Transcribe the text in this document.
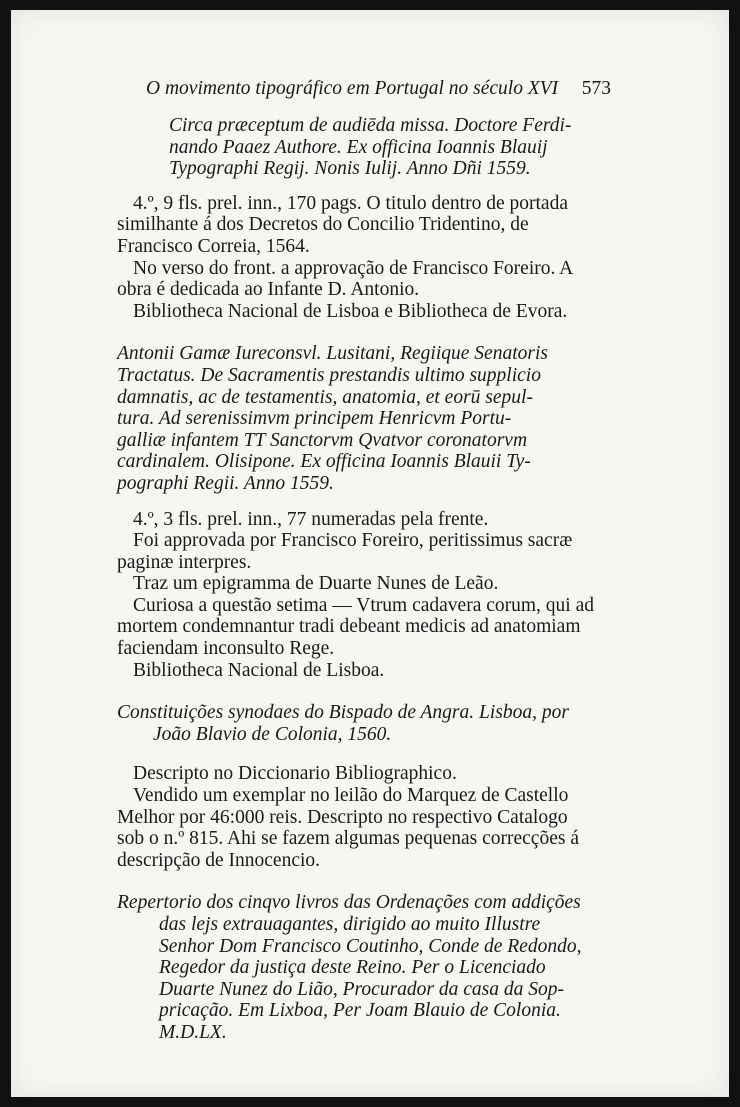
O movimento tipográfico em Portugal no século XVI 573
Circa præceptum de audiēda missa. Doctore Ferdi-
nando Paaez Authore. Ex officina Ioannis Blauij
Typographi Regij. Nonis Iulij. Anno Dñi 1559.

4.º, 9 fls. prel. inn., 170 pags. O titulo dentro de portada similhante á dos Decretos do Concilio Tridentino, de Francisco Correia, 1564.

No verso do front. a approvação de Francisco Foreiro. A obra é dedicada ao Infante D. Antonio.

Bibliotheca Nacional de Lisboa e Bibliotheca de Evora.

Antonii Gamæ Iureconsvl. Lusitani, Regiique Senatoris
Tractatus. De Sacramentis prestandis ultimo supplicio
damnatis, ac de testamentis, anatomia, et eorū sepul-
tura. Ad serenissimvm principem Henricvm Portu-
galliæ infantem TT Sanctorvm Qvatvor coronatorvm
cardinalem. Olisipone. Ex officina Ioannis Blauii Ty-
pographi Regii. Anno 1559.

4.º, 3 fls. prel. inn., 77 numeradas pela frente.

Foi approvada por Francisco Foreiro, peritissimus sacræ paginæ interpres.

Traz um epigramma de Duarte Nunes de Leão.

Curiosa a questão setima — Vtrum cadavera corum, qui ad mortem condemnantur tradi debeant medicis ad anatomiam faciendam inconsulto Rege.

Bibliotheca Nacional de Lisboa.

Constituições synodaes do Bispado de Angra. Lisboa, por
João Blavio de Colonia, 1560.

Descripto no Diccionario Bibliographico.

Vendido um exemplar no leilão do Marquez de Castello Melhor por 46:000 reis. Descripto no respectivo Catalogo sob o n.º 815. Ahi se fazem algumas pequenas correcções á descripção de Innocencio.

Repertorio dos cinqvo livros das Ordenações com addições
das lejs extrauagantes, dirigido ao muito Illustre
Senhor Dom Francisco Coutinho, Conde de Redondo,
Regedor da justiça deste Reino. Per o Licenciado
Duarte Nunez do Lião, Procurador da casa da Sop-
pricação. Em Lixboa, Per Joam Blauio de Colonia.
M.D.LX.
